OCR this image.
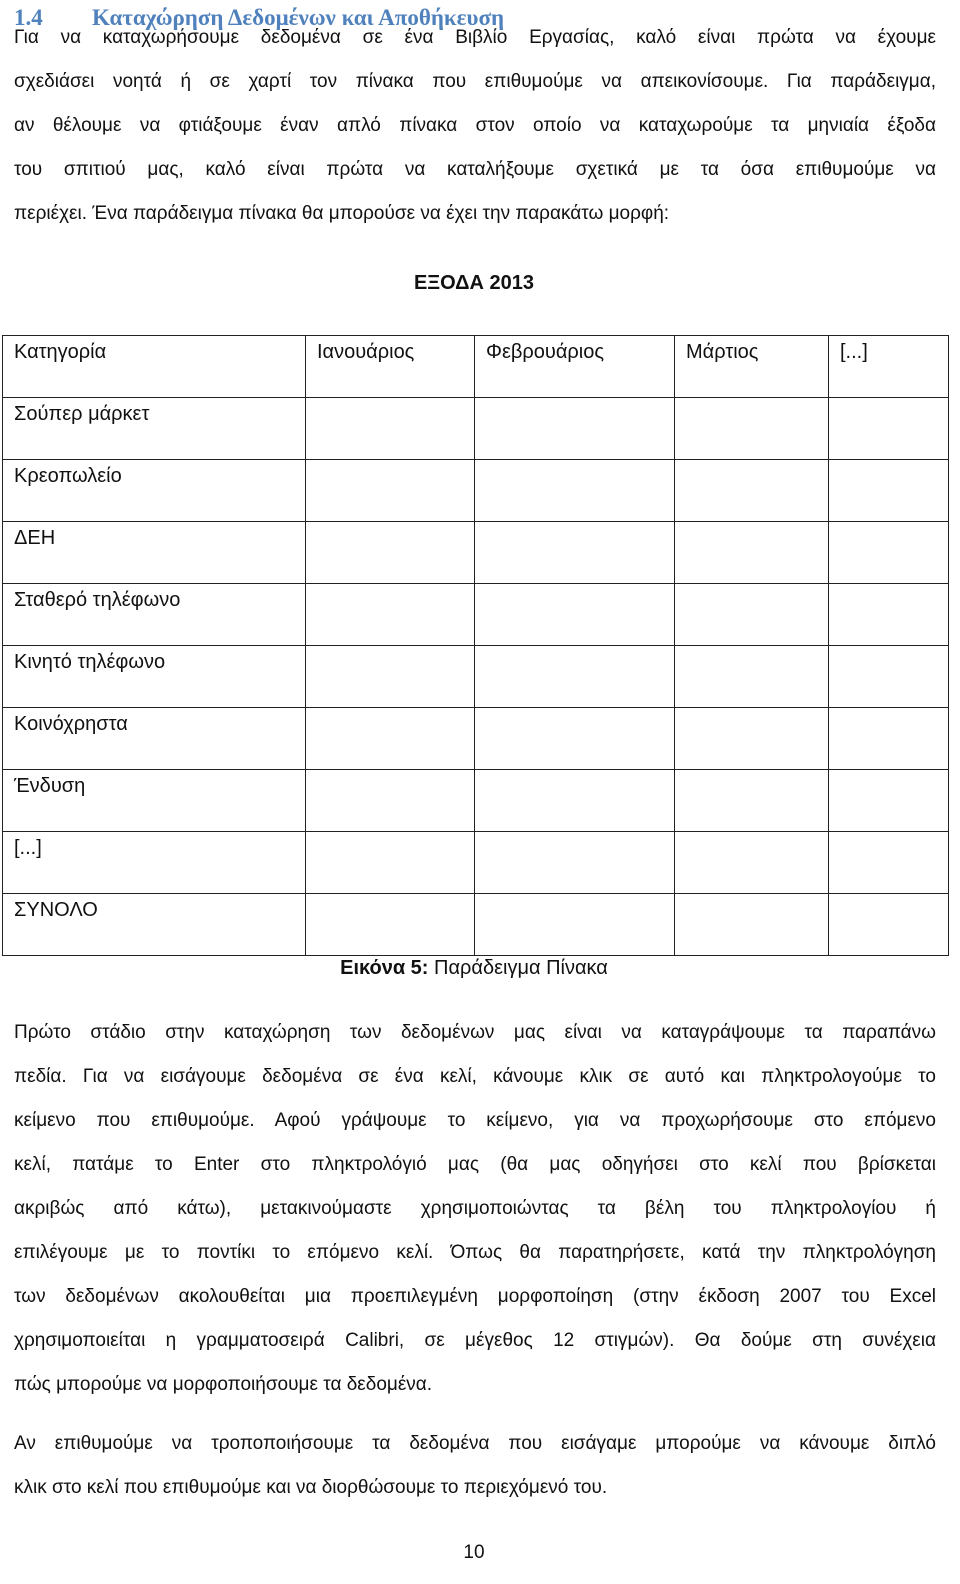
1.4 Καταχώρηση Δεδομένων και Αποθήκευση

Για να καταχωρήσουμε δεδομένα σε ένα Βιβλίο Εργασίας, καλό είναι πρώτα να έχουμε
σχεδιάσει νοητά ή σε χαρτί τον πίνακα που επιθυμούμε να απεικονίσουμε. Για παράδειγμα,
αν θέλουμε να φτιάξουμε έναν απλό πίνακα στον οποίο να καταχωρούμε τα μηνιαία έξοδα
του σπιτιού μας, καλό είναι πρώτα να καταλήξουμε σχετικά με τα όσα επιθυμούμε να
περιέχει. Ένα παράδειγμα πίνακα θα μπορούσε να έχει την παρακάτω μορφή:

ΕΞΟΔΑ 2013
Κατηγορία	Ιανουάριος	Φεβρουάριος	Μάρτιος	[...]
Σούπερ μάρκετ				
Κρεοπωλείο				
ΔΕΗ				
Σταθερό τηλέφωνο				
Κινητό τηλέφωνο				
Κοινόχρηστα				
Ένδυση				
[...]				
ΣΥΝΟΛΟ				
Εικόνα 5: Παράδειγμα Πίνακα

Πρώτο στάδιο στην καταχώρηση των δεδομένων μας είναι να καταγράψουμε τα παραπάνω
πεδία. Για να εισάγουμε δεδομένα σε ένα κελί, κάνουμε κλικ σε αυτό και πληκτρολογούμε το
κείμενο που επιθυμούμε. Αφού γράψουμε το κείμενο, για να προχωρήσουμε στο επόμενο
κελί, πατάμε το Enter στο πληκτρολόγιό μας (θα μας οδηγήσει στο κελί που βρίσκεται
ακριβώς από κάτω), μετακινούμαστε χρησιμοποιώντας τα βέλη του πληκτρολογίου ή
επιλέγουμε με το ποντίκι το επόμενο κελί. Όπως θα παρατηρήσετε, κατά την πληκτρολόγηση
των δεδομένων ακολουθείται μια προεπιλεγμένη μορφοποίηση (στην έκδοση 2007 του Excel
χρησιμοποιείται η γραμματοσειρά Calibri, σε μέγεθος 12 στιγμών). Θα δούμε στη συνέχεια
πώς μπορούμε να μορφοποιήσουμε τα δεδομένα.

Αν επιθυμούμε να τροποποιήσουμε τα δεδομένα που εισάγαμε μπορούμε να κάνουμε διπλό
κλικ στο κελί που επιθυμούμε και να διορθώσουμε το περιεχόμενό του.

10
